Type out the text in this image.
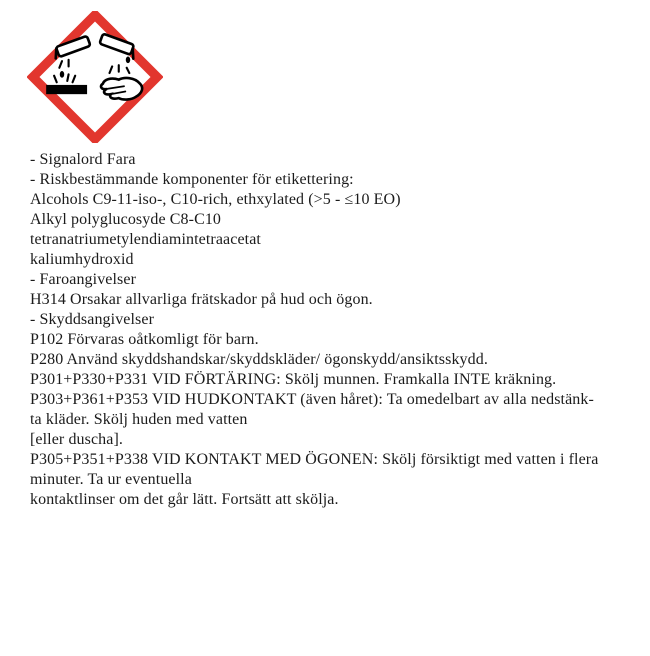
- Signalord Fara
- Riskbestämmande komponenter för etikettering:
Alcohols C9-11-iso-, C10-rich, ethxylated (>5 - ≤10 EO)
Alkyl polyglucosyde C8-C10
tetranatriumetylendiamintetraacetat
kaliumhydroxid
- Faroangivelser
H314 Orsakar allvarliga frätskador på hud och ögon.
- Skyddsangivelser
P102 Förvaras oåtkomligt för barn.
P280 Använd skyddshandskar/skyddskläder/ ögonskydd/ansiktsskydd.
P301+P330+P331 VID FÖRTÄRING: Skölj munnen. Framkalla INTE kräkning.
P303+P361+P353 VID HUDKONTAKT (även håret): Ta omedelbart av alla nedstänk-
ta kläder. Skölj huden med vatten
[eller duscha].
P305+P351+P338 VID KONTAKT MED ÖGONEN: Skölj försiktigt med vatten i flera
minuter. Ta ur eventuella
kontaktlinser om det går lätt. Fortsätt att skölja.
